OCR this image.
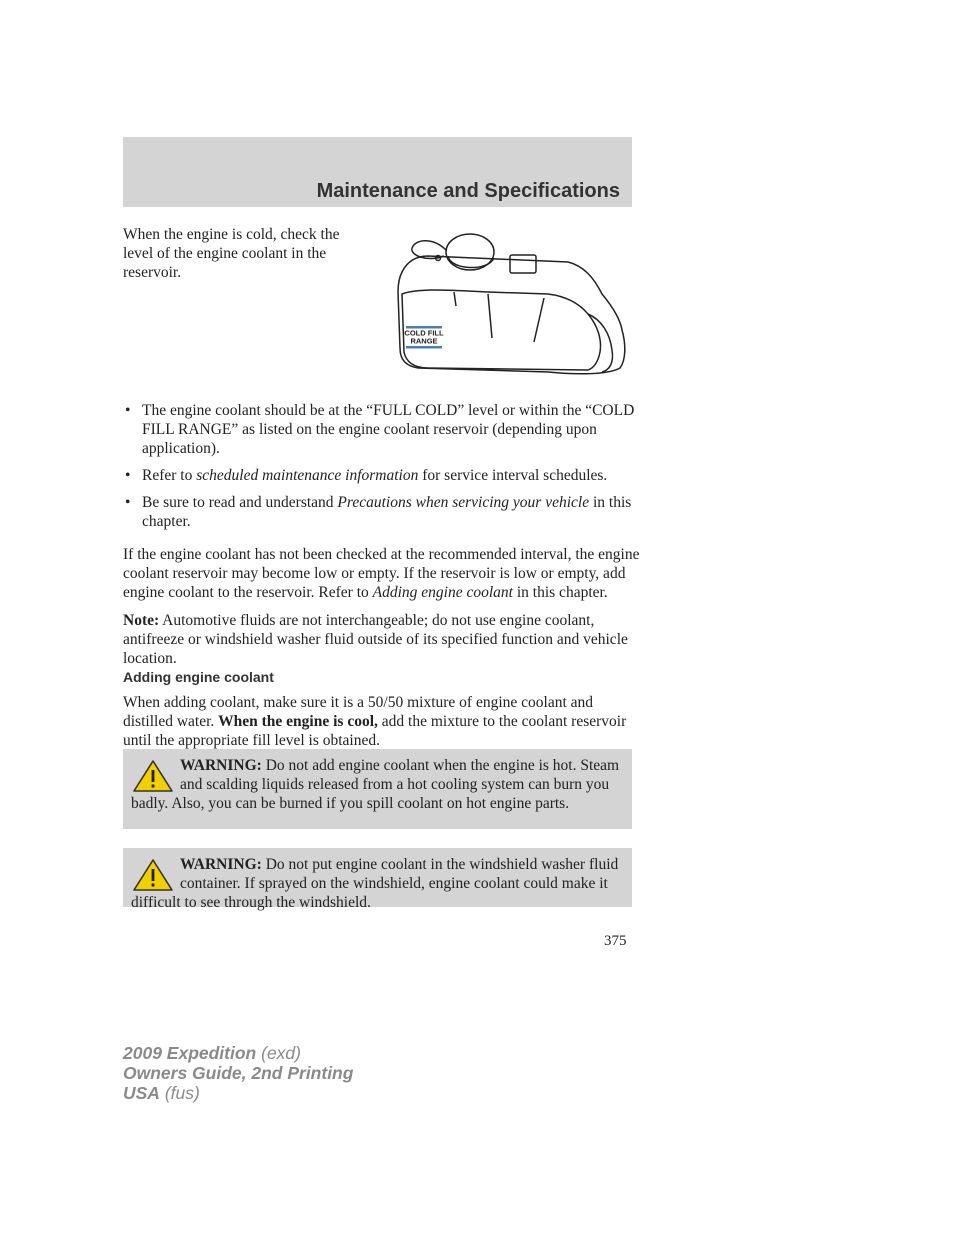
Maintenance and Specifications
When the engine is cold, check the level of the engine coolant in the reservoir.
COLD FILL
RANGE
• The engine coolant should be at the “FULL COLD” level or within the “COLD FILL RANGE” as listed on the engine coolant reservoir (depending upon application).
• Refer to scheduled maintenance information for service interval schedules.
• Be sure to read and understand Precautions when servicing your vehicle in this chapter.
If the engine coolant has not been checked at the recommended interval, the engine coolant reservoir may become low or empty. If the reservoir is low or empty, add engine coolant to the reservoir. Refer to Adding engine coolant in this chapter.
Note: Automotive fluids are not interchangeable; do not use engine coolant, antifreeze or windshield washer fluid outside of its specified function and vehicle location.
Adding engine coolant
When adding coolant, make sure it is a 50/50 mixture of engine coolant and distilled water. When the engine is cool, add the mixture to the coolant reservoir until the appropriate fill level is obtained.
WARNING: Do not add engine coolant when the engine is hot. Steam and scalding liquids released from a hot cooling system can burn you badly. Also, you can be burned if you spill coolant on hot engine parts.
WARNING: Do not put engine coolant in the windshield washer fluid container. If sprayed on the windshield, engine coolant could make it difficult to see through the windshield.
375
2009 Expedition (exd)
Owners Guide, 2nd Printing
USA (fus)
